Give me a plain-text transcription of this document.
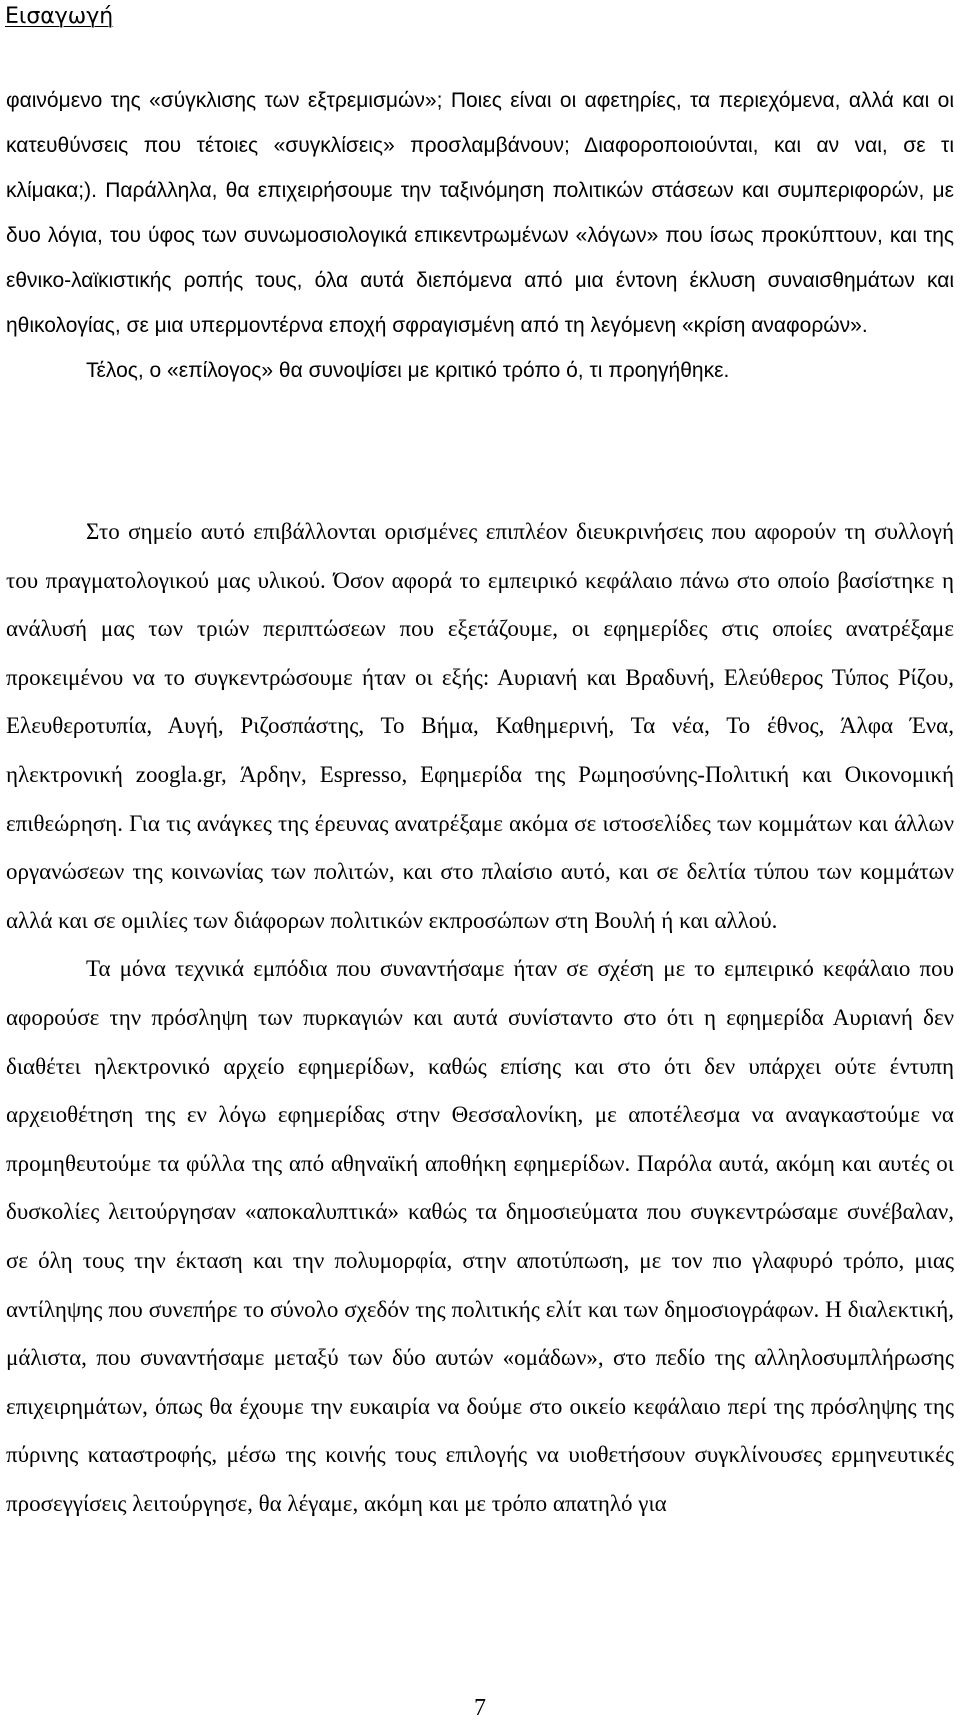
Εισαγωγή

φαινόμενο της «σύγκλισης των εξτρεμισμών»; Ποιες είναι οι αφετηρίες, τα περιεχόμενα, αλλά και οι κατευθύνσεις που τέτοιες «συγκλίσεις» προσλαμβάνουν; Διαφοροποιούνται, και αν ναι, σε τι κλίμακα;). Παράλληλα, θα επιχειρήσουμε την ταξινόμηση πολιτικών στάσεων και συμπεριφορών, με δυο λόγια, του ύφος των συνωμοσιολογικά επικεντρωμένων «λόγων» που ίσως προκύπτουν, και της εθνικο-λαϊκιστικής ροπής τους, όλα αυτά διεπόμενα από μια έντονη έκλυση συναισθημάτων και ηθικολογίας, σε μια υπερμοντέρνα εποχή σφραγισμένη από τη λεγόμενη «κρίση αναφορών».

Τέλος, ο «επίλογος» θα συνοψίσει με κριτικό τρόπο ό, τι προηγήθηκε.

Στο σημείο αυτό επιβάλλονται ορισμένες επιπλέον διευκρινήσεις που αφορούν τη συλλογή του πραγματολογικού μας υλικού. Όσον αφορά το εμπειρικό κεφάλαιο πάνω στο οποίο βασίστηκε η ανάλυσή μας των τριών περιπτώσεων που εξετάζουμε, οι εφημερίδες στις οποίες ανατρέξαμε προκειμένου να το συγκεντρώσουμε ήταν οι εξής: Αυριανή και Βραδυνή, Ελεύθερος Τύπος Ρίζου, Ελευθεροτυπία, Αυγή, Ριζοσπάστης, Το Βήμα, Καθημερινή, Τα νέα, Το έθνος, Άλφα Ένα, ηλεκτρονική zoogla.gr, Άρδην, Espresso, Εφημερίδα της Ρωμηοσύνης-Πολιτική και Οικονομική επιθεώρηση. Για τις ανάγκες της έρευνας ανατρέξαμε ακόμα σε ιστοσελίδες των κομμάτων και άλλων οργανώσεων της κοινωνίας των πολιτών, και στο πλαίσιο αυτό, και σε δελτία τύπου των κομμάτων αλλά και σε ομιλίες των διάφορων πολιτικών εκπροσώπων στη Βουλή ή και αλλού.

Τα μόνα τεχνικά εμπόδια που συναντήσαμε ήταν σε σχέση με το εμπειρικό κεφάλαιο που αφορούσε την πρόσληψη των πυρκαγιών και αυτά συνίσταντο στο ότι η εφημερίδα Αυριανή δεν διαθέτει ηλεκτρονικό αρχείο εφημερίδων, καθώς επίσης και στο ότι δεν υπάρχει ούτε έντυπη αρχειοθέτηση της εν λόγω εφημερίδας στην Θεσσαλονίκη, με αποτέλεσμα να αναγκαστούμε να προμηθευτούμε τα φύλλα της από αθηναϊκή αποθήκη εφημερίδων. Παρόλα αυτά, ακόμη και αυτές οι δυσκολίες λειτούργησαν «αποκαλυπτικά» καθώς τα δημοσιεύματα που συγκεντρώσαμε συνέβαλαν, σε όλη τους την έκταση και την πολυμορφία, στην αποτύπωση, με τον πιο γλαφυρό τρόπο, μιας αντίληψης που συνεπήρε το σύνολο σχεδόν της πολιτικής ελίτ και των δημοσιογράφων. Η διαλεκτική, μάλιστα, που συναντήσαμε μεταξύ των δύο αυτών «ομάδων», στο πεδίο της αλληλοσυμπλήρωσης επιχειρημάτων, όπως θα έχουμε την ευκαιρία να δούμε στο οικείο κεφάλαιο περί της πρόσληψης της πύρινης καταστροφής, μέσω της κοινής τους επιλογής να υιοθετήσουν συγκλίνουσες ερμηνευτικές προσεγγίσεις λειτούργησε, θα λέγαμε, ακόμη και με τρόπο απατηλό για

7
